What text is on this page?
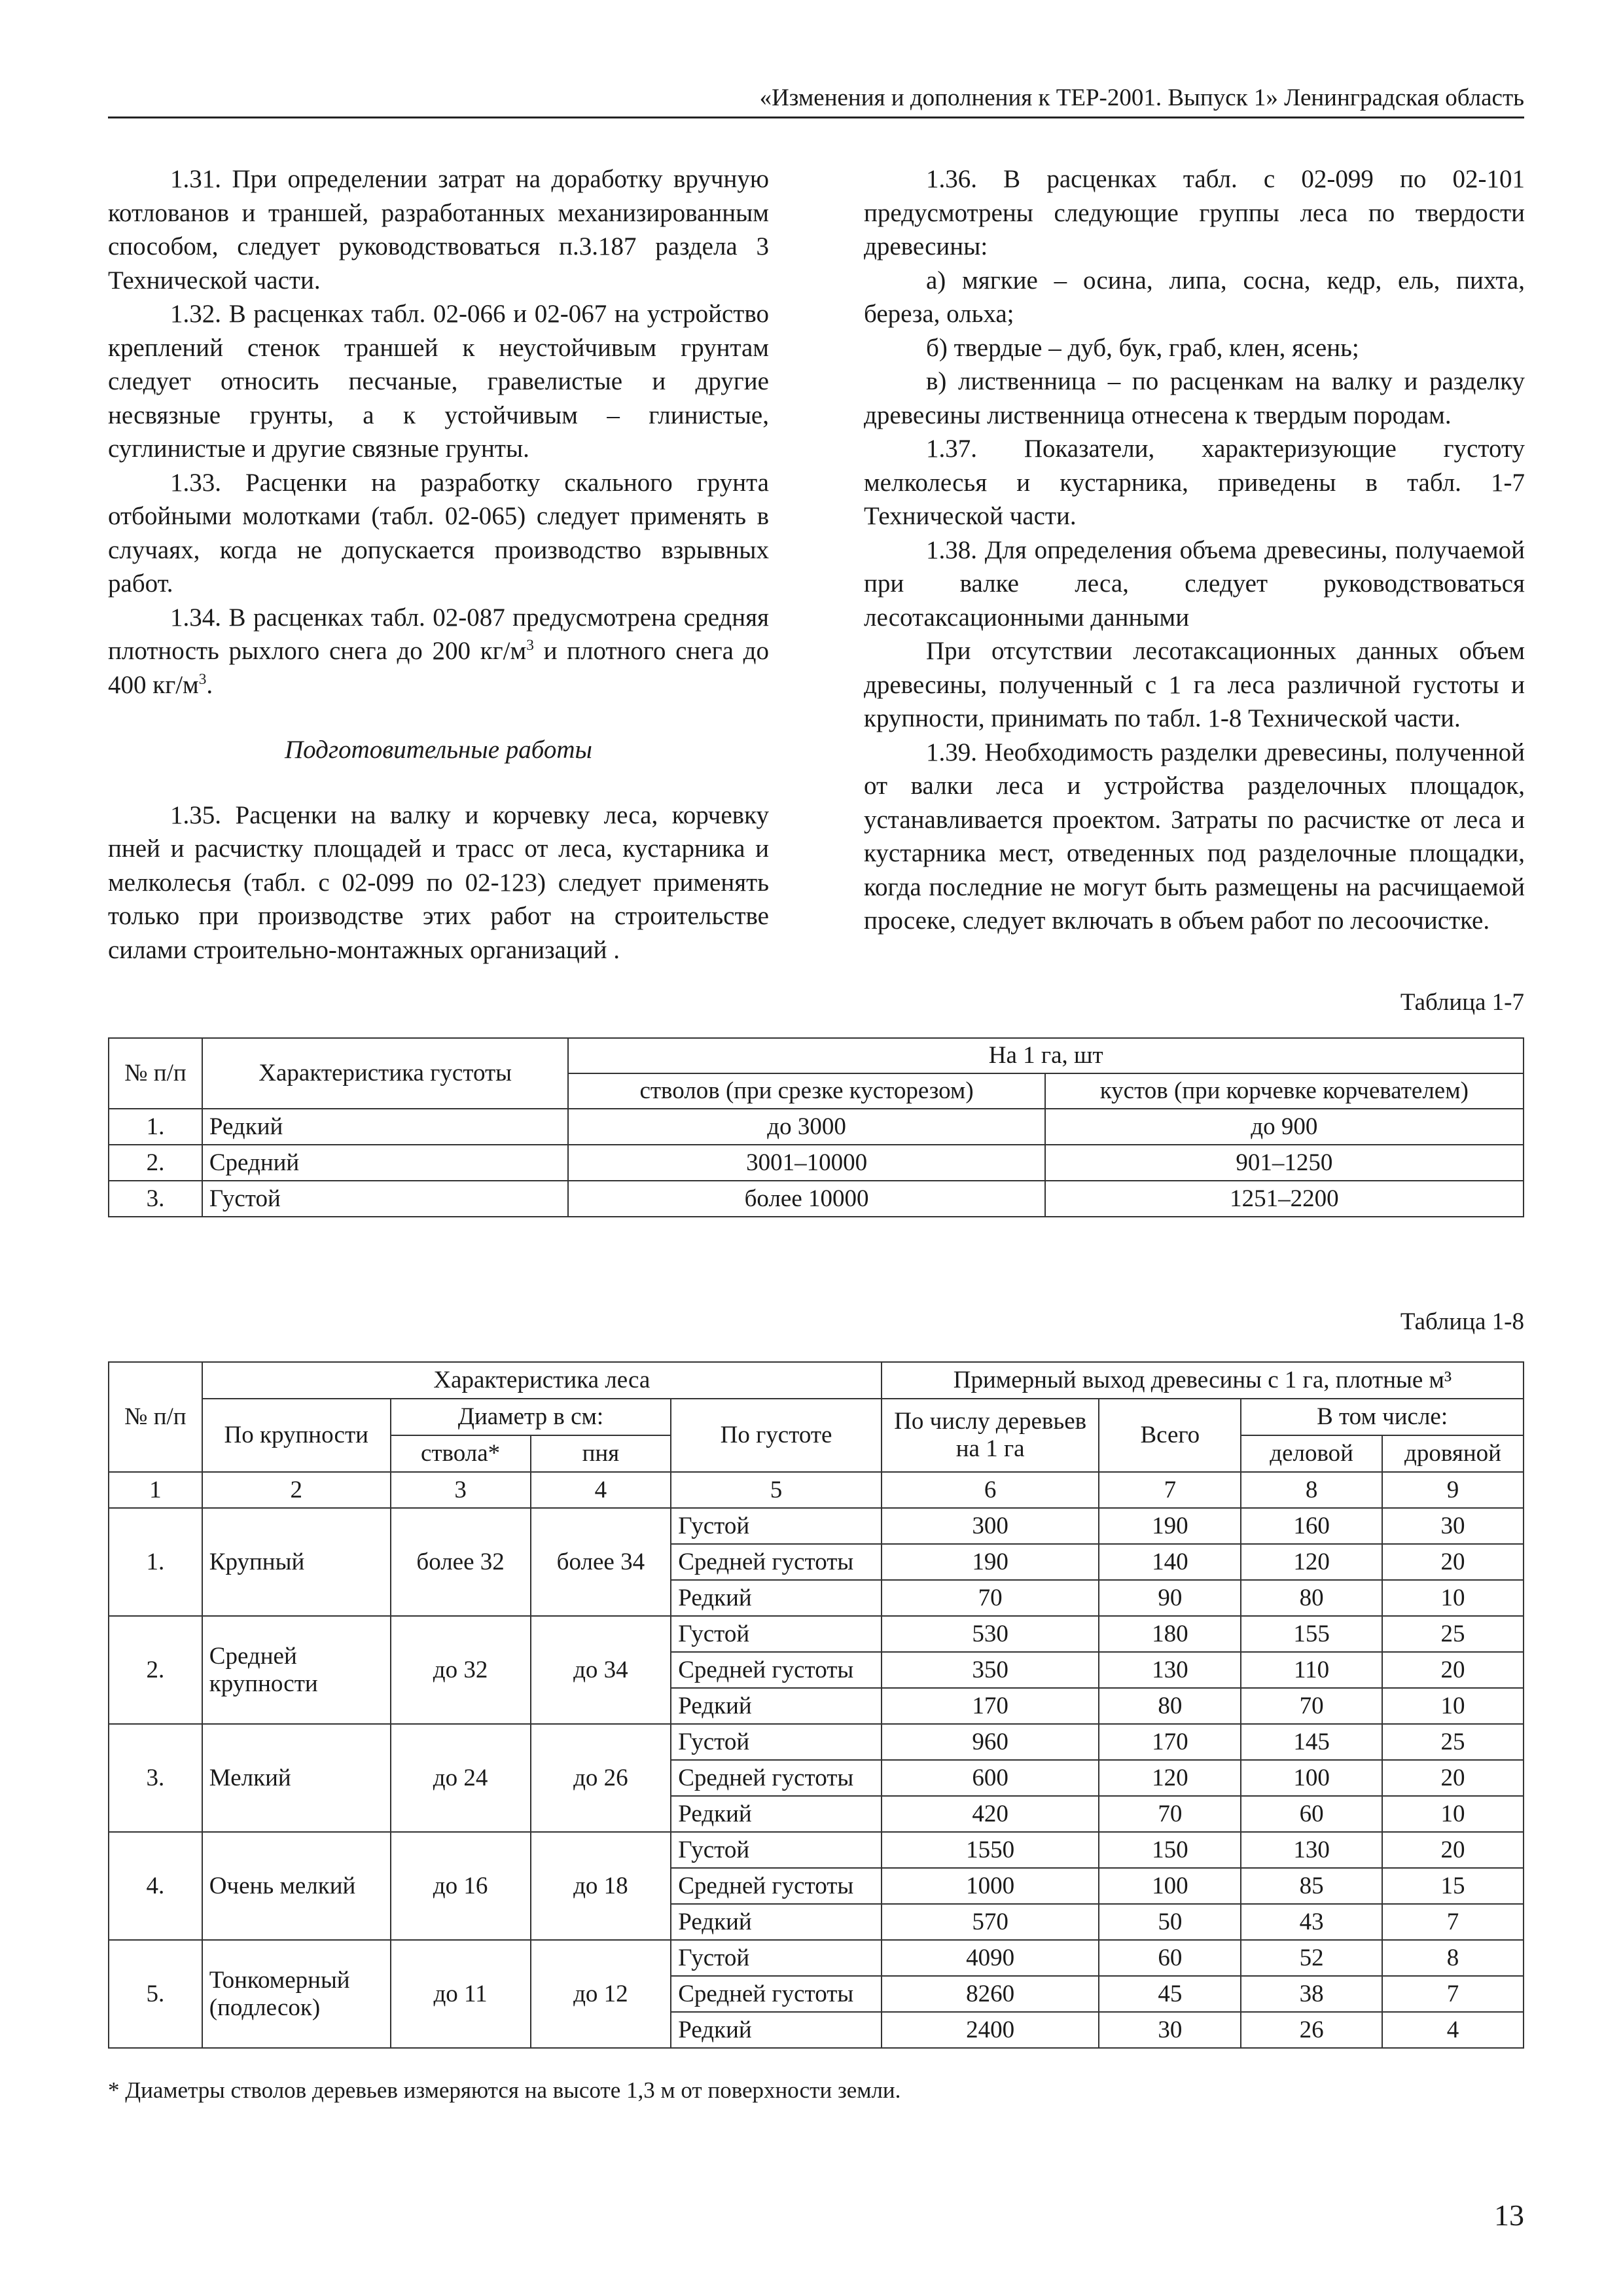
«Изменения и дополнения к ТЕР-2001. Выпуск 1» Ленинградская область

1.31. При определении затрат на доработку вручную котлованов и траншей, разработанных механизированным способом, следует руководствоваться п.3.187 раздела 3 Технической части.

1.32. В расценках табл. 02-066 и 02-067 на устройство креплений стенок траншей к неустойчивым грунтам следует относить песчаные, гравелистые и другие несвязные грунты, а к устойчивым – глинистые, суглинистые и другие связные грунты.

1.33. Расценки на разработку скального грунта отбойными молотками (табл. 02-065) следует применять в случаях, когда не допускается производство взрывных работ.

1.34. В расценках табл. 02-087 предусмотрена средняя плотность рыхлого снега до 200 $кг/м^3$ и плотного снега до 400 $кг/м^3$.

Подготовительные работы

1.35. Расценки на валку и корчевку леса, корчевку пней и расчистку площадей и трасс от леса, кустарника и мелколесья (табл. с 02-099 по 02-123) следует применять только при производстве этих работ на строительстве силами строительно-монтажных организаций .

1.36. В расценках табл. с 02-099 по 02-101 предусмотрены следующие группы леса по твердости древесины:

а) мягкие – осина, липа, сосна, кедр, ель, пихта, береза, ольха;

б) твердые – дуб, бук, граб, клен, ясень;

в) лиственница – по расценкам на валку и разделку древесины лиственница отнесена к твердым породам.

1.37. Показатели, характеризующие густоту мелколесья и кустарника, приведены в табл. 1-7 Технической части.

1.38. Для определения объема древесины, получаемой при валке леса, следует руководствоваться лесотаксационными данными

При отсутствии лесотаксационных данных объем древесины, полученный с 1 га леса различной густоты и крупности, принимать по табл. 1-8 Технической части.

1.39. Необходимость разделки древесины, полученной от валки леса и устройства разделочных площадок, устанавливается проектом. Затраты по расчистке от леса и кустарника мест, отведенных под разделочные площадки, когда последние не могут быть размещены на расчищаемой просеке, следует включать в объем работ по лесоочистке.

Таблица 1-7
№ п/п	Характеристика густоты	На 1 га, шт	
		стволов (при срезке кусторезом)	кустов (при корчевке корчевателем)
1.	Редкий	до 3000	до 900
2.	Средний	3001–10000	901–1250
3.	Густой	более 10000	1251–2200
Таблица 1-8
№ п/п	Характеристика леса				Примерный выход древесины с 1 га, плотные м³			
	По крупности	Диаметр в см:		По густоте	По числу деревьев на 1 га	Всего	В том числе:	
		ствола*	пня				деловой	дровяной
1	2	3	4	5	6	7	8	9
1.	Крупный	более 32	более 34	Густой	300	190	160	30
				Средней густоты	190	140	120	20
				Редкий	70	90	80	10
2.	Средней крупности	до 32	до 34	Густой	530	180	155	25
				Средней густоты	350	130	110	20
				Редкий	170	80	70	10
3.	Мелкий	до 24	до 26	Густой	960	170	145	25
				Средней густоты	600	120	100	20
				Редкий	420	70	60	10
4.	Очень мелкий	до 16	до 18	Густой	1550	150	130	20
				Средней густоты	1000	100	85	15
				Редкий	570	50	43	7
5.	Тонкомерный (подлесок)	до 11	до 12	Густой	4090	60	52	8
				Средней густоты	8260	45	38	7
				Редкий	2400	30	26	4
* Диаметры стволов деревьев измеряются на высоте 1,3 м от поверхности земли.
13
